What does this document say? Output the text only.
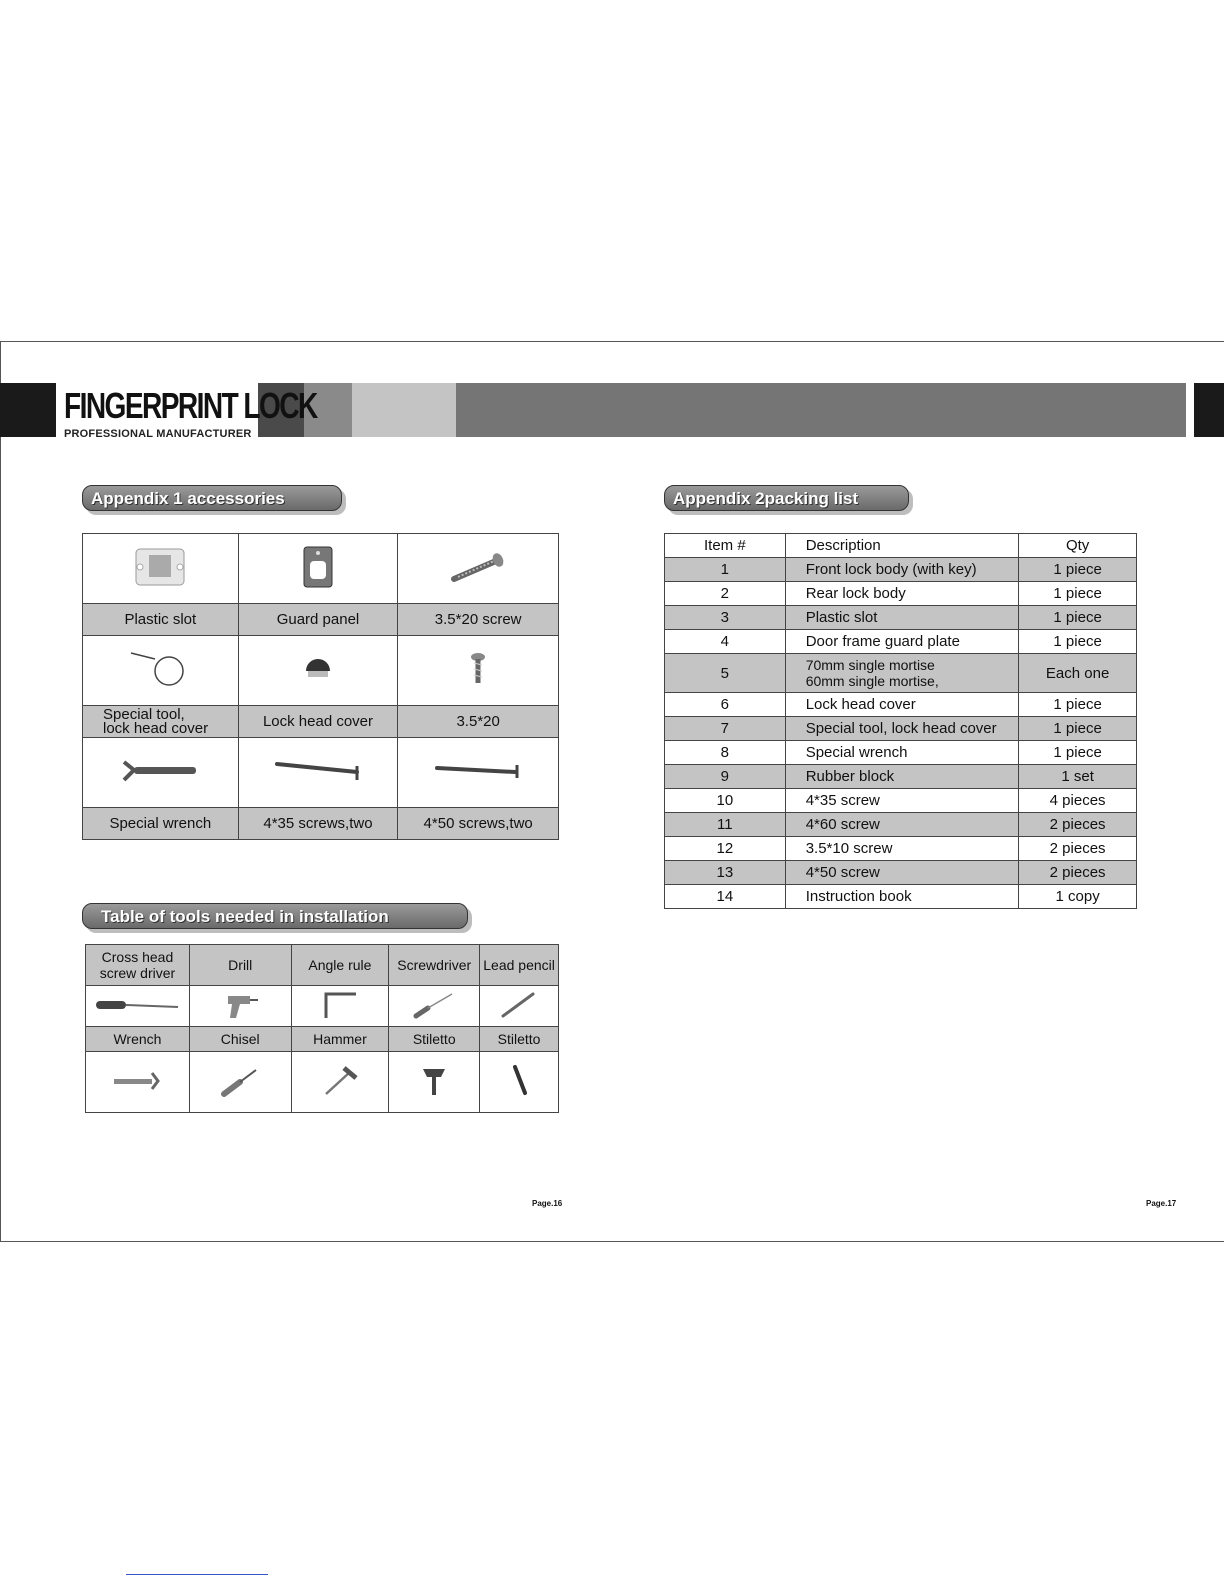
FINGERPRINT LOCK
PROFESSIONAL MANUFACTURER
Appendix 1 accessories

Plastic slot	Guard panel	3.5*20 screw

Special tool,
lock head cover	Lock head cover	3.5*20

Special wrench	4*35 screws,two	4*50 screws,two
Table of tools needed in installation
Cross head
screw driver	Drill	Angle rule	Screwdriver	Lead pencil

Wrench	Chisel	Hammer	Stiletto	Stiletto

Appendix 2packing list
Item #	Description	Qty
1	Front lock body (with key)	1 piece
2	Rear lock body	1 piece
3	Plastic slot	1 piece
4	Door frame guard plate	1 piece
5	70mm single mortise
60mm single mortise,	Each one
6	Lock head cover	1 piece
7	Special tool, lock head cover	1 piece
8	Special wrench	1 piece
9	Rubber block	1 set
10	4*35 screw	4 pieces
11	4*60 screw	2 pieces
12	3.5*10 screw	2 pieces
13	4*50 screw	2 pieces
14	Instruction book	1 copy
Page.16	Page.17
